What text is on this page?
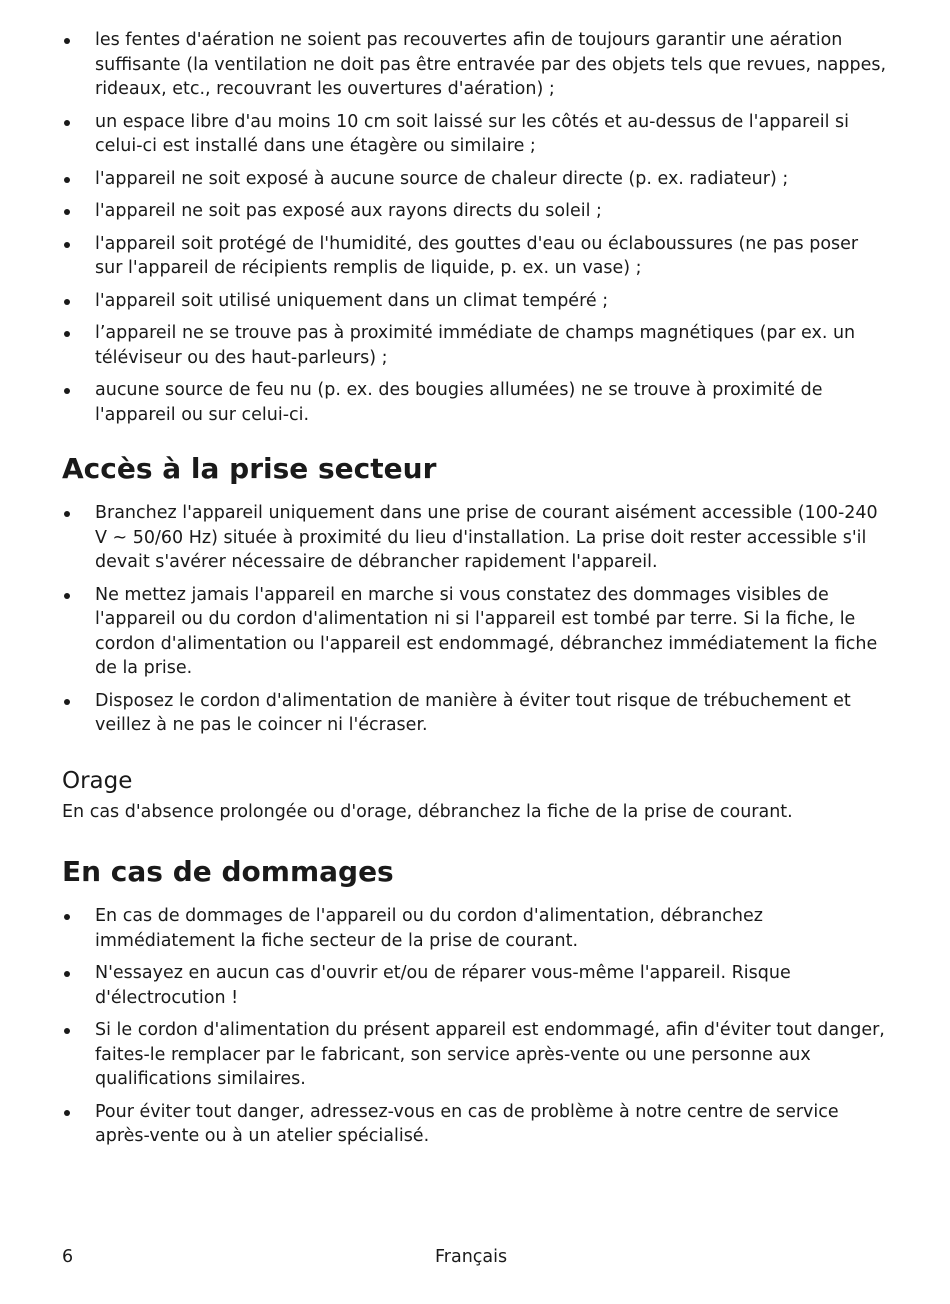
les fentes d'aération ne soient pas recouvertes afin de toujours garantir une aération suffisante (la ventilation ne doit pas être entravée par des objets tels que revues, nappes, rideaux, etc., recouvrant les ouvertures d'aération) ;
un espace libre d'au moins 10 cm soit laissé sur les côtés et au-dessus de l'appareil si celui-ci est installé dans une étagère ou similaire ;
l'appareil ne soit exposé à aucune source de chaleur directe (p. ex. radiateur) ;
l'appareil ne soit pas exposé aux rayons directs du soleil ;
l'appareil soit protégé de l'humidité, des gouttes d'eau ou éclaboussures (ne pas poser sur l'appareil de récipients remplis de liquide, p. ex. un vase) ;
l'appareil soit utilisé uniquement dans un climat tempéré ;
l’appareil ne se trouve pas à proximité immédiate de champs magnétiques (par ex. un téléviseur ou des haut-parleurs) ;
aucune source de feu nu (p. ex. des bougies allumées) ne se trouve à proximité de l'appareil ou sur celui-ci.
Accès à la prise secteur
Branchez l'appareil uniquement dans une prise de courant aisément accessible (100-240 V ~ 50/60 Hz) située à proximité du lieu d'installation. La prise doit rester accessible s'il devait s'avérer nécessaire de débrancher rapidement l'appareil.
Ne mettez jamais l'appareil en marche si vous constatez des dommages visibles de l'appareil ou du cordon d'alimentation ni si l'appareil est tombé par terre. Si la fiche, le cordon d'alimentation ou l'appareil est endommagé, débranchez immédiatement la fiche de la prise.
Disposez le cordon d'alimentation de manière à éviter tout risque de trébuchement et veillez à ne pas le coincer ni l'écraser.
Orage

En cas d'absence prolongée ou d'orage, débranchez la fiche de la prise de courant.

En cas de dommages
En cas de dommages de l'appareil ou du cordon d'alimentation, débranchez immédiatement la fiche secteur de la prise de courant.
N'essayez en aucun cas d'ouvrir et/ou de réparer vous-même l'appareil. Risque d'électrocution !
Si le cordon d'alimentation du présent appareil est endommagé, afin d'éviter tout danger, faites-le remplacer par le fabricant, son service après-vente ou une personne aux qualifications similaires.
Pour éviter tout danger, adressez-vous en cas de problème à notre centre de service après-vente ou à un atelier spécialisé.
6	Français
